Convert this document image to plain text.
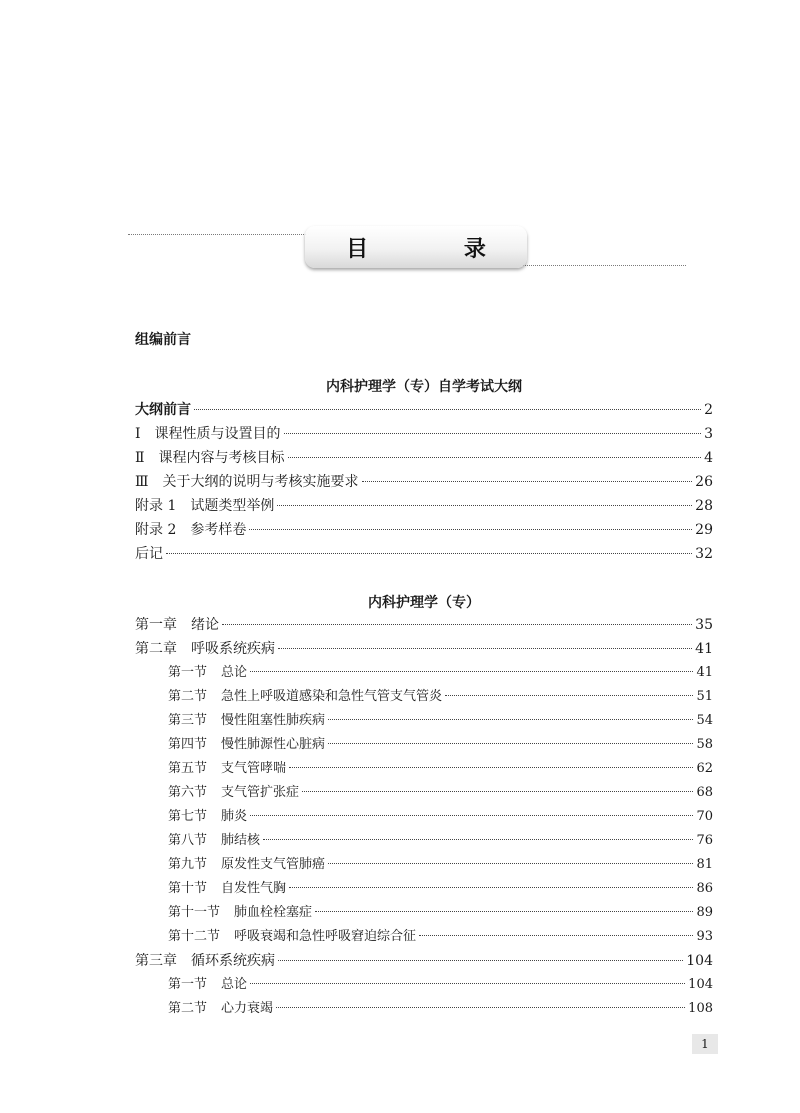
目 录
组编前言
内科护理学（专）自学考试大纲
大纲前言	2
Ⅰ 课程性质与设置目的	3
Ⅱ 课程内容与考核目标	4
Ⅲ 关于大纲的说明与考核实施要求	26
附录 1 试题类型举例	28
附录 2 参考样卷	29
后记	32
内科护理学（专）
第一章 绪论	35
第二章 呼吸系统疾病	41
第一节 总论	41
第二节 急性上呼吸道感染和急性气管支气管炎	51
第三节 慢性阻塞性肺疾病	54
第四节 慢性肺源性心脏病	58
第五节 支气管哮喘	62
第六节 支气管扩张症	68
第七节 肺炎	70
第八节 肺结核	76
第九节 原发性支气管肺癌	81
第十节 自发性气胸	86
第十一节 肺血栓栓塞症	89
第十二节 呼吸衰竭和急性呼吸窘迫综合征	93
第三章 循环系统疾病	104
第一节 总论	104
第二节 心力衰竭	108
1
